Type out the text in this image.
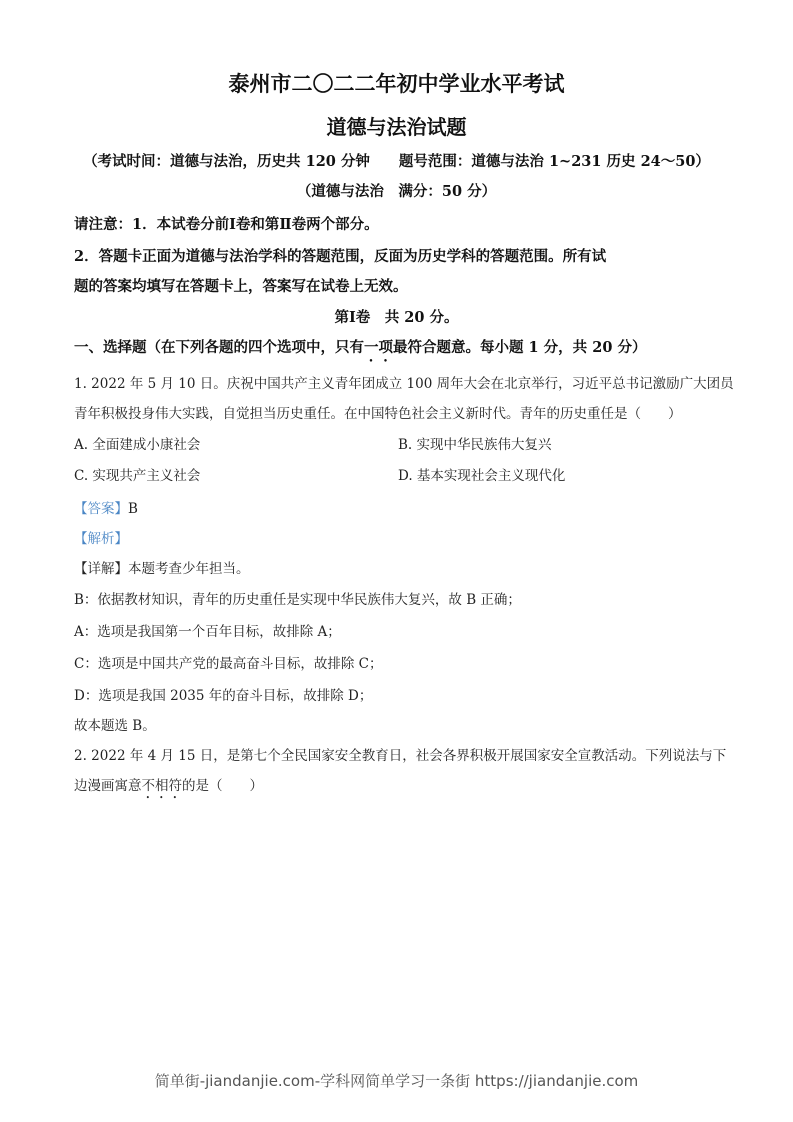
泰州市二〇二二年初中学业水平考试
道德与法治试题
（考试时间：道德与法治，历史共 120 分钟　　题号范围：道德与法治 1~231 历史 24～50）
（道德与法治　满分：50 分）
请注意：1．本试卷分前Ⅰ卷和第Ⅱ卷两个部分。
2．答题卡正面为道德与法治学科的答题范围，反面为历史学科的答题范围。所有试
题的答案均填写在答题卡上，答案写在试卷上无效。
第Ⅰ卷　共 20 分。
一、选择题（在下列各题的四个选项中，只有一项最符合题意。每小题 1 分，共 20 分）
1. 2022 年 5 月 10 日。庆祝中国共产主义青年团成立 100 周年大会在北京举行，习近平总书记激励广大团员
青年积极投身伟大实践，自觉担当历史重任。在中国特色社会主义新时代。青年的历史重任是（　　）
A. 全面建成小康社会	B. 实现中华民族伟大复兴
C. 实现共产主义社会	D. 基本实现社会主义现代化
【答案】B
【解析】
【详解】本题考查少年担当。
B：依据教材知识，青年的历史重任是实现中华民族伟大复兴，故 B 正确；
A：选项是我国第一个百年目标，故排除 A；
C：选项是中国共产党的最高奋斗目标，故排除 C；
D：选项是我国 2035 年的奋斗目标，故排除 D；
故本题选 B。
2. 2022 年 4 月 15 日，是第七个全民国家安全教育日，社会各界积极开展国家安全宣教活动。下列说法与下
边漫画寓意不相符的是（　　）
简单街-jiandanjie.com-学科网简单学习一条街 https://jiandanjie.com
